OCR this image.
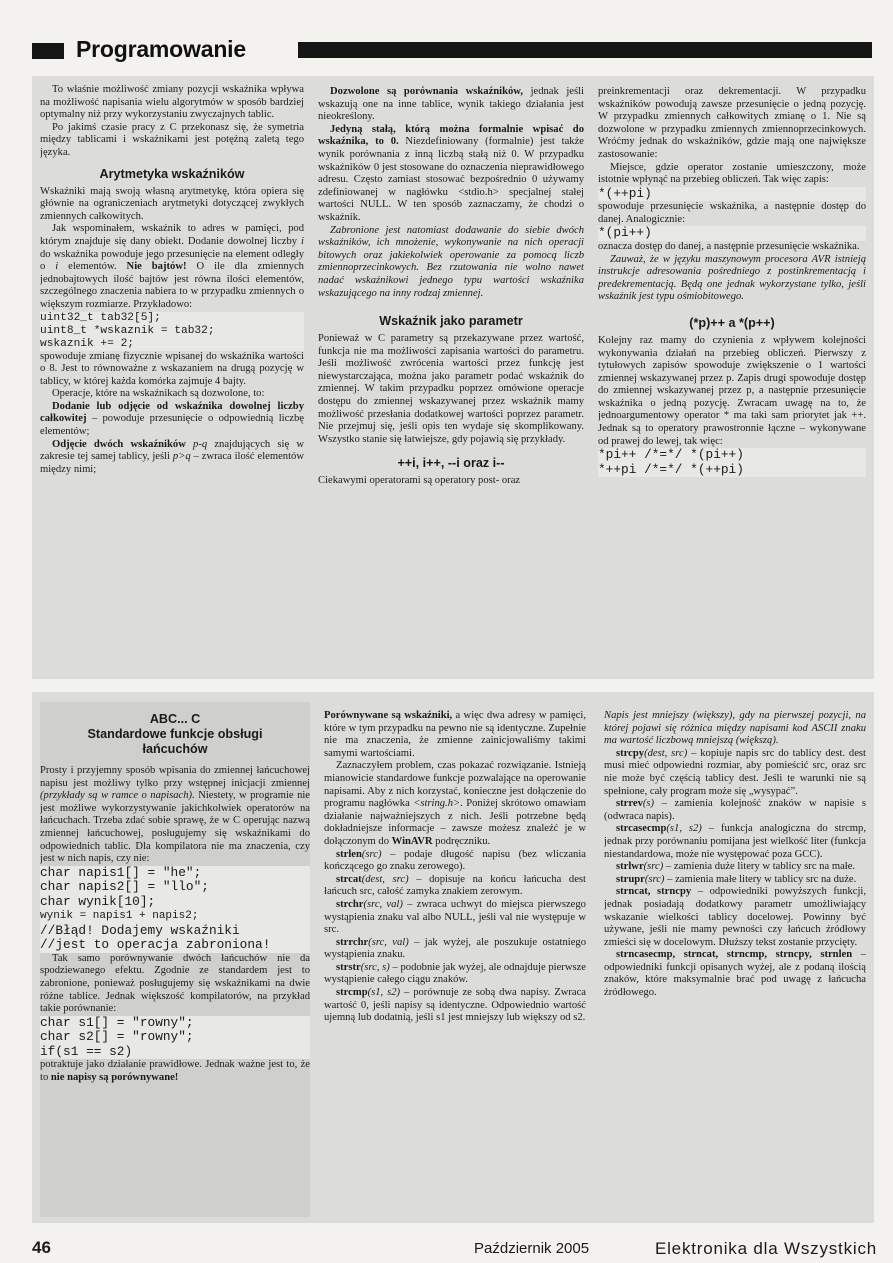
Programowanie

To właśnie możliwość zmiany pozycji wskaźnika wpływa na możliwość napisania wielu algorytmów w sposób bardziej optymalny niż przy wykorzystaniu zwyczajnych tablic.

Po jakimś czasie pracy z C przekonasz się, że symetria między tablicami i wskaźnikami jest potężną zaletą tego języka.

Arytmetyka wskaźników

Wskaźniki mają swoją własną arytmetykę, która opiera się głównie na ograniczeniach arytmetyki dotyczącej zwykłych zmiennych całkowitych.

Jak wspominałem, wskaźnik to adres w pamięci, pod którym znajduje się dany obiekt. Dodanie dowolnej liczby i do wskaźnika powoduje jego przesunięcie na element odległy o i elementów. Nie bajtów! O ile dla zmiennych jednobajtowych ilość bajtów jest równa ilości elementów, szczególnego znaczenia nabiera to w przypadku zmiennych o większym rozmiarze. Przykładowo:

uint32_t tab32[5];
uint8_t *wskaznik = tab32;
wskaznik += 2;

spowoduje zmianę fizycznie wpisanej do wskaźnika wartości o 8. Jest to równoważne z wskazaniem na drugą pozycję w tablicy, w której każda komórka zajmuje 4 bajty.

Operacje, które na wskaźnikach są dozwolone, to:

Dodanie lub odjęcie od wskaźnika dowolnej liczby całkowitej – powoduje przesunięcie o odpowiednią liczbę elementów;

Odjęcie dwóch wskaźników p-q znajdujących się w zakresie tej samej tablicy, jeśli p>q – zwraca ilość elementów między nimi;

Dozwolone są porównania wskaźników, jednak jeśli wskazują one na inne tablice, wynik takiego działania jest nieokreślony.

Jedyną stałą, którą można formalnie wpisać do wskaźnika, to 0. Niezdefiniowany (formalnie) jest także wynik porównania z inną liczbą stałą niż 0. W przypadku wskaźników 0 jest stosowane do oznaczenia nieprawidłowego adresu. Często zamiast stosować bezpośrednio 0 używamy zdefiniowanej w nagłówku <stdio.h> specjalnej stałej wartości NULL. W ten sposób zaznaczamy, że chodzi o wskaźnik.

Zabronione jest natomiast dodawanie do siebie dwóch wskaźników, ich mnożenie, wykonywanie na nich operacji bitowych oraz jakiekolwiek operowanie za pomocą liczb zmiennoprzecinkowych. Bez rzutowania nie wolno nawet nadać wskaźnikowi jednego typu wartości wskaźnika wskazującego na inny rodzaj zmiennej.

Wskaźnik jako parametr

Ponieważ w C parametry są przekazywane przez wartość, funkcja nie ma możliwości zapisania wartości do parametru. Jeśli możliwość zwrócenia wartości przez funkcję jest niewystarczająca, można jako parametr podać wskaźnik do zmiennej. W takim przypadku poprzez omówione operacje dostępu do zmiennej wskazywanej przez wskaźnik mamy możliwość przesłania dodatkowej wartości poprzez parametr. Nie przejmuj się, jeśli opis ten wydaje się skomplikowany. Wszystko stanie się łatwiejsze, gdy pojawią się przykłady.

++i, i++, --i oraz i--

Ciekawymi operatorami są operatory post- oraz

preinkrementacji oraz dekrementacji. W przypadku wskaźników powodują zawsze przesunięcie o jedną pozycję. W przypadku zmiennych całkowitych zmianę o 1. Nie są dozwolone w przypadku zmiennych zmiennoprzecinkowych. Wróćmy jednak do wskaźników, gdzie mają one największe zastosowanie:

Miejsce, gdzie operator zostanie umieszczony, może istotnie wpłynąć na przebieg obliczeń. Tak więc zapis:

*(++pi)

spowoduje przesunięcie wskaźnika, a następnie dostęp do danej. Analogicznie:

*(pi++)

oznacza dostęp do danej, a następnie przesunięcie wskaźnika.

Zauważ, że w języku maszynowym procesora AVR istnieją instrukcje adresowania pośredniego z postinkrementacją i predekrementacją. Będą one jednak wykorzystane tylko, jeśli wskaźnik jest typu ośmiobitowego.

(*p)++ a *(p++)

Kolejny raz mamy do czynienia z wpływem kolejności wykonywania działań na przebieg obliczeń. Pierwszy z tytułowych zapisów spowoduje zwiększenie o 1 wartości zmiennej wskazywanej przez p. Zapis drugi spowoduje dostęp do zmiennej wskazywanej przez p, a następnie przesunięcie wskaźnika o jedną pozycję. Zwracam uwagę na to, że jednoargumentowy operator * ma taki sam priorytet jak ++. Jednak są to operatory prawostronnie łączne – wykonywane od prawej do lewej, tak więc:

*pi++ /*=*/ *(pi++)
*++pi /*=*/ *(++pi)
ABC... C
Standardowe funkcje obsługi łańcuchów

Prosty i przyjemny sposób wpisania do zmiennej łańcuchowej napisu jest możliwy tylko przy wstępnej inicjacji zmiennej (przykłady są w ramce o napisach). Niestety, w programie nie jest możliwe wykorzystywanie jakichkolwiek operatorów na łańcuchach. Trzeba zdać sobie sprawę, że w C operując nazwą zmiennej łańcuchowej, posługujemy się wskaźnikami do odpowiednich tablic. Dla kompilatora nie ma znaczenia, czy jest w nich napis, czy nie:

char napis1[] = "he";
char napis2[] = "llo";
char wynik[10];
wynik = napis1 + napis2;
//Błąd! Dodajemy wskaźniki
//jest to operacja zabroniona!

Tak samo porównywanie dwóch łańcuchów nie da spodziewanego efektu. Zgodnie ze standardem jest to zabronione, ponieważ posługujemy się wskaźnikami na dwie różne tablice. Jednak większość kompilatorów, na przykład takie porównanie:

char s1[] = "rowny";
char s2[] = "rowny";
if(s1 == s2)

potraktuje jako działanie prawidłowe. Jednak ważne jest to, że to nie napisy są porównywane!

Porównywane są wskaźniki, a więc dwa adresy w pamięci, które w tym przypadku na pewno nie są identyczne. Zupełnie nie ma znaczenia, że zmienne zainicjowaliśmy takimi samymi wartościami.

Zaznaczyłem problem, czas pokazać rozwiązanie. Istnieją mianowicie standardowe funkcje pozwalające na operowanie napisami. Aby z nich korzystać, konieczne jest dołączenie do programu nagłówka <string.h>. Poniżej skrótowo omawiam działanie najważniejszych z nich. Jeśli potrzebne będą dokładniejsze informacje – zawsze możesz znaleźć je w dołączonym do WinAVR podręczniku.

strlen(src) – podaje długość napisu (bez wliczania kończącego go znaku zerowego).

strcat(dest, src) – dopisuje na końcu łańcucha dest łańcuch src, całość zamyka znakiem zerowym.

strchr(src, val) – zwraca uchwyt do miejsca pierwszego wystąpienia znaku val albo NULL, jeśli val nie występuje w src.

strrchr(src, val) – jak wyżej, ale poszukuje ostatniego wystąpienia znaku.

strstr(src, s) – podobnie jak wyżej, ale odnajduje pierwsze wystąpienie całego ciągu znaków.

strcmp(s1, s2) – porównuje ze sobą dwa napisy. Zwraca wartość 0, jeśli napisy są identyczne. Odpowiednio wartość ujemną lub dodatnią, jeśli s1 jest mniejszy lub większy od s2.

Napis jest mniejszy (większy), gdy na pierwszej pozycji, na której pojawi się różnica między napisami kod ASCII znaku ma wartość liczbową mniejszą (większą).

strcpy(dest, src) – kopiuje napis src do tablicy dest. dest musi mieć odpowiedni rozmiar, aby pomieścić src, oraz src nie może być częścią tablicy dest. Jeśli te warunki nie są spełnione, cały program może się „wysypać”.

strrev(s) – zamienia kolejność znaków w napisie s (odwraca napis).

strcasecmp(s1, s2) – funkcja analogiczna do strcmp, jednak przy porównaniu pomijana jest wielkość liter (funkcja niestandardowa, może nie występować poza GCC).

strlwr(src) – zamienia duże litery w tablicy src na małe.

strupr(src) – zamienia małe litery w tablicy src na duże.

strncat, strncpy – odpowiedniki powyższych funkcji, jednak posiadają dodatkowy parametr umożliwiający wskazanie wielkości tablicy docelowej. Powinny być używane, jeśli nie mamy pewności czy łańcuch źródłowy zmieści się w docelowym. Dłuższy tekst zostanie przycięty.

strncasecmp, strncat, strncmp, strncpy, strnlen – odpowiedniki funkcji opisanych wyżej, ale z podaną ilością znaków, które maksymalnie brać pod uwagę z łańcucha źródłowego.

46	Październik 2005	Elektronika dla Wszystkich
